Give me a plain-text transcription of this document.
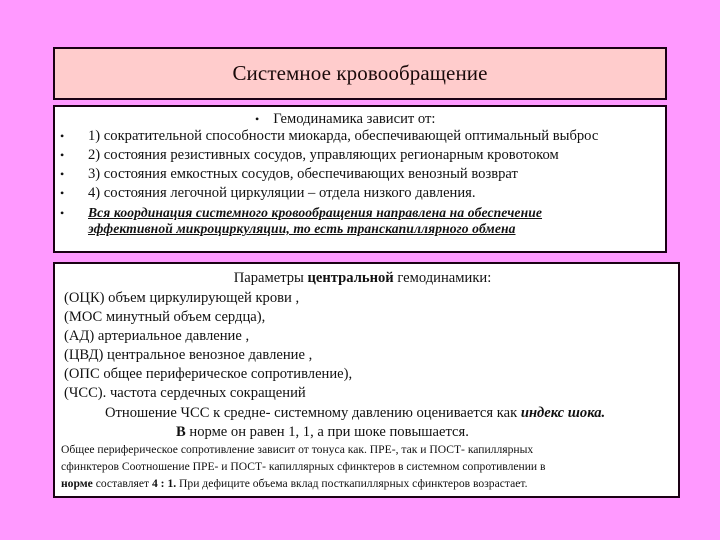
Системное кровообращение
• Гемодинамика зависит от:
• 1) сократительной способности миокарда, обеспечивающей оптимальный выброс
• 2) состояния резистивных сосудов, управляющих регионарным кровотоком
• 3) состояния емкостных сосудов, обеспечивающих венозный возврат
• 4) состояния легочной циркуляции – отдела низкого давления.
• Вся координация системного кровообращения направлена на обеспечение
эффективной микроциркуляции, то есть транскапиллярного обмена
Параметры центральной гемодинамики:
(ОЦК) объем циркулирующей крови ,
(МОС минутный объем сердца),
(АД) артериальное давление ,
(ЦВД) центральное венозное давление ,
(ОПС общее периферическое сопротивление),
(ЧСС). частота сердечных сокращений
Отношение ЧСС к средне- системному давлению оценивается как индекс шока.
В норме он равен 1, 1, а при шоке повышается.
Общее периферическое сопротивление зависит от тонуса как. ПРЕ-, так и ПОСТ- капиллярных
сфинктеров Соотношение ПРЕ- и ПОСТ- капиллярных сфинктеров в системном сопротивлении в
норме составляет 4 : 1. При дефиците объема вклад посткапиллярных сфинктеров возрастает.
